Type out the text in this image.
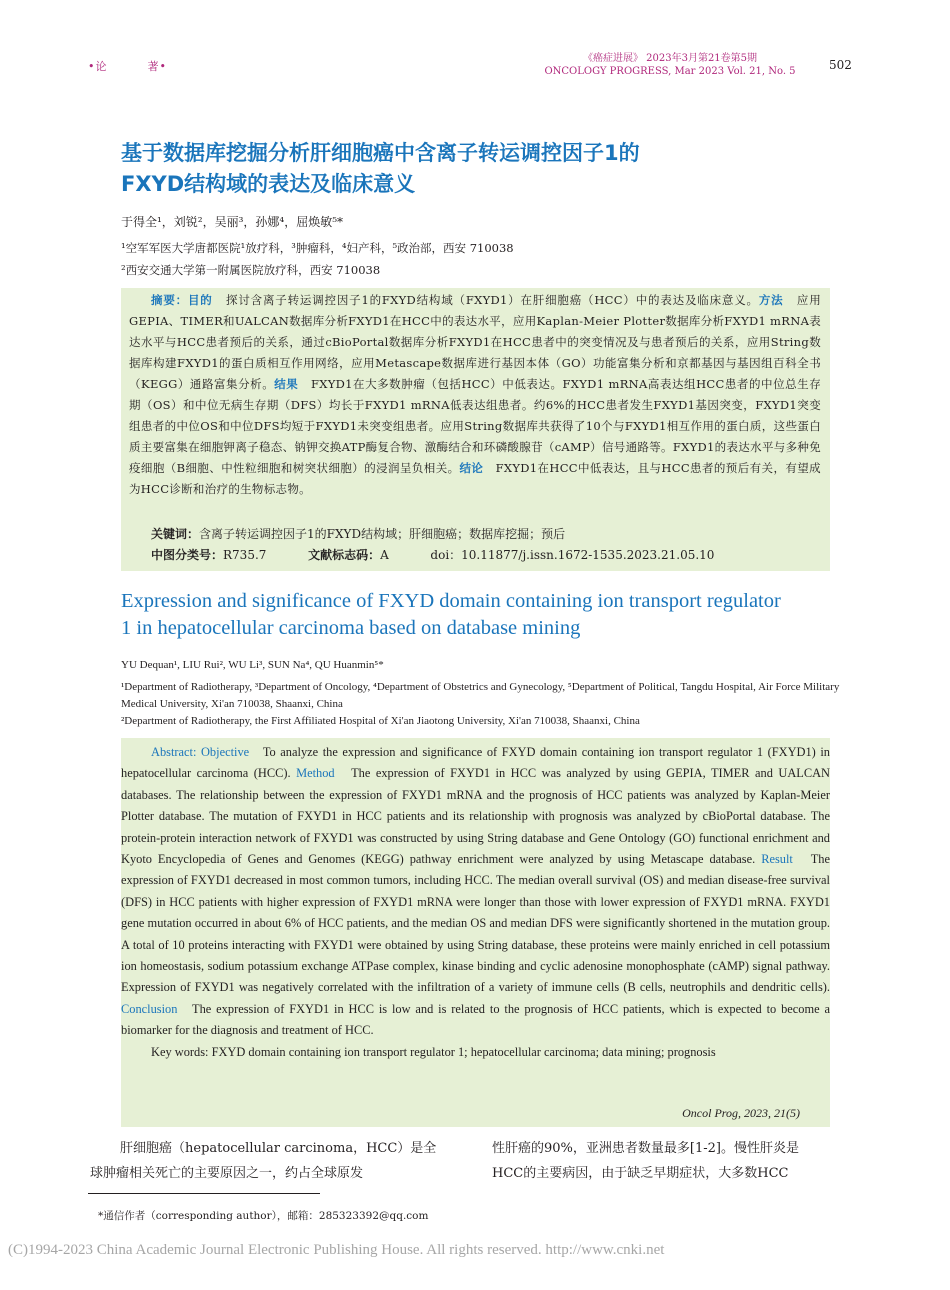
•论	著•
《癌症进展》 2023年3月第21卷第5期
ONCOLOGY PROGRESS, Mar 2023 Vol. 21, No. 5	502
基于数据库挖掘分析肝细胞癌中含离子转运调控因子1的
FXYD结构域的表达及临床意义
于得全¹，刘锐²，吴丽³，孙娜⁴，屈焕敏⁵*
¹空军军医大学唐都医院¹放疗科，³肿瘤科，⁴妇产科，⁵政治部，西安 710038
²西安交通大学第一附属医院放疗科，西安 710038
摘要：目的 探讨含离子转运调控因子1的FXYD结构域（FXYD1）在肝细胞癌（HCC）中的表达及临床意义。方法 应用GEPIA、TIMER和UALCAN数据库分析FXYD1在HCC中的表达水平，应用Kaplan-Meier Plotter数据库分析FXYD1 mRNA表达水平与HCC患者预后的关系，通过cBioPortal数据库分析FXYD1在HCC患者中的突变情况及与患者预后的关系，应用String数据库构建FXYD1的蛋白质相互作用网络，应用Metascape数据库进行基因本体（GO）功能富集分析和京都基因与基因组百科全书（KEGG）通路富集分析。结果 FXYD1在大多数肿瘤（包括HCC）中低表达。FXYD1 mRNA高表达组HCC患者的中位总生存期（OS）和中位无病生存期（DFS）均长于FXYD1 mRNA低表达组患者。约6%的HCC患者发生FXYD1基因突变，FXYD1突变组患者的中位OS和中位DFS均短于FXYD1未突变组患者。应用String数据库共获得了10个与FXYD1相互作用的蛋白质，这些蛋白质主要富集在细胞钾离子稳态、钠钾交换ATP酶复合物、激酶结合和环磷酸腺苷（cAMP）信号通路等。FXYD1的表达水平与多种免疫细胞（B细胞、中性粒细胞和树突状细胞）的浸润呈负相关。结论 FXYD1在HCC中低表达，且与HCC患者的预后有关，有望成为HCC诊断和治疗的生物标志物。
关键词：含离子转运调控因子1的FXYD结构域；肝细胞癌；数据库挖掘；预后
中图分类号：R735.7	文献标志码：A	doi：10.11877/j.issn.1672-1535.2023.21.05.10
Expression and significance of FXYD domain containing ion transport regulator
1 in hepatocellular carcinoma based on database mining
YU Dequan¹, LIU Rui², WU Li³, SUN Na⁴, QU Huanmin⁵*
¹Department of Radiotherapy, ³Department of Oncology, ⁴Department of Obstetrics and Gynecology, ⁵Department of Political, Tangdu Hospital, Air Force Military Medical University, Xi'an 710038, Shaanxi, China
²Department of Radiotherapy, the First Affiliated Hospital of Xi'an Jiaotong University, Xi'an 710038, Shaanxi, China
Abstract: Objective To analyze the expression and significance of FXYD domain containing ion transport regulator 1 (FXYD1) in hepatocellular carcinoma (HCC). Method The expression of FXYD1 in HCC was analyzed by using GEPIA, TIMER and UALCAN databases. The relationship between the expression of FXYD1 mRNA and the prognosis of HCC patients was analyzed by Kaplan-Meier Plotter database. The mutation of FXYD1 in HCC patients and its relationship with prognosis was analyzed by cBioPortal database. The protein-protein interaction network of FXYD1 was constructed by using String database and Gene Ontology (GO) functional enrichment and Kyoto Encyclopedia of Genes and Genomes (KEGG) pathway enrichment were analyzed by using Metascape database. Result The expression of FXYD1 decreased in most common tumors, including HCC. The median overall survival (OS) and median disease-free survival (DFS) in HCC patients with higher expression of FXYD1 mRNA were longer than those with lower expression of FXYD1 mRNA. FXYD1 gene mutation occurred in about 6% of HCC patients, and the median OS and median DFS were significantly shortened in the mutation group. A total of 10 proteins interacting with FXYD1 were obtained by using String database, these proteins were mainly enriched in cell potassium ion homeostasis, sodium potassium exchange ATPase complex, kinase binding and cyclic adenosine monophosphate (cAMP) signal pathway. Expression of FXYD1 was negatively correlated with the infiltration of a variety of immune cells (B cells, neutrophils and dendritic cells). Conclusion The expression of FXYD1 in HCC is low and is related to the prognosis of HCC patients, which is expected to become a biomarker for the diagnosis and treatment of HCC.
Key words: FXYD domain containing ion transport regulator 1; hepatocellular carcinoma; data mining; prognosis
Oncol Prog, 2023, 21(5)
肝细胞癌（hepatocellular carcinoma，HCC）是全
球肿瘤相关死亡的主要原因之一，约占全球原发
性肝癌的90%，亚洲患者数量最多[1-2]。慢性肝炎是
HCC的主要病因，由于缺乏早期症状，大多数HCC
*通信作者（corresponding author），邮箱：285323392@qq.com
(C)1994-2023 China Academic Journal Electronic Publishing House. All rights reserved. http://www.cnki.net
